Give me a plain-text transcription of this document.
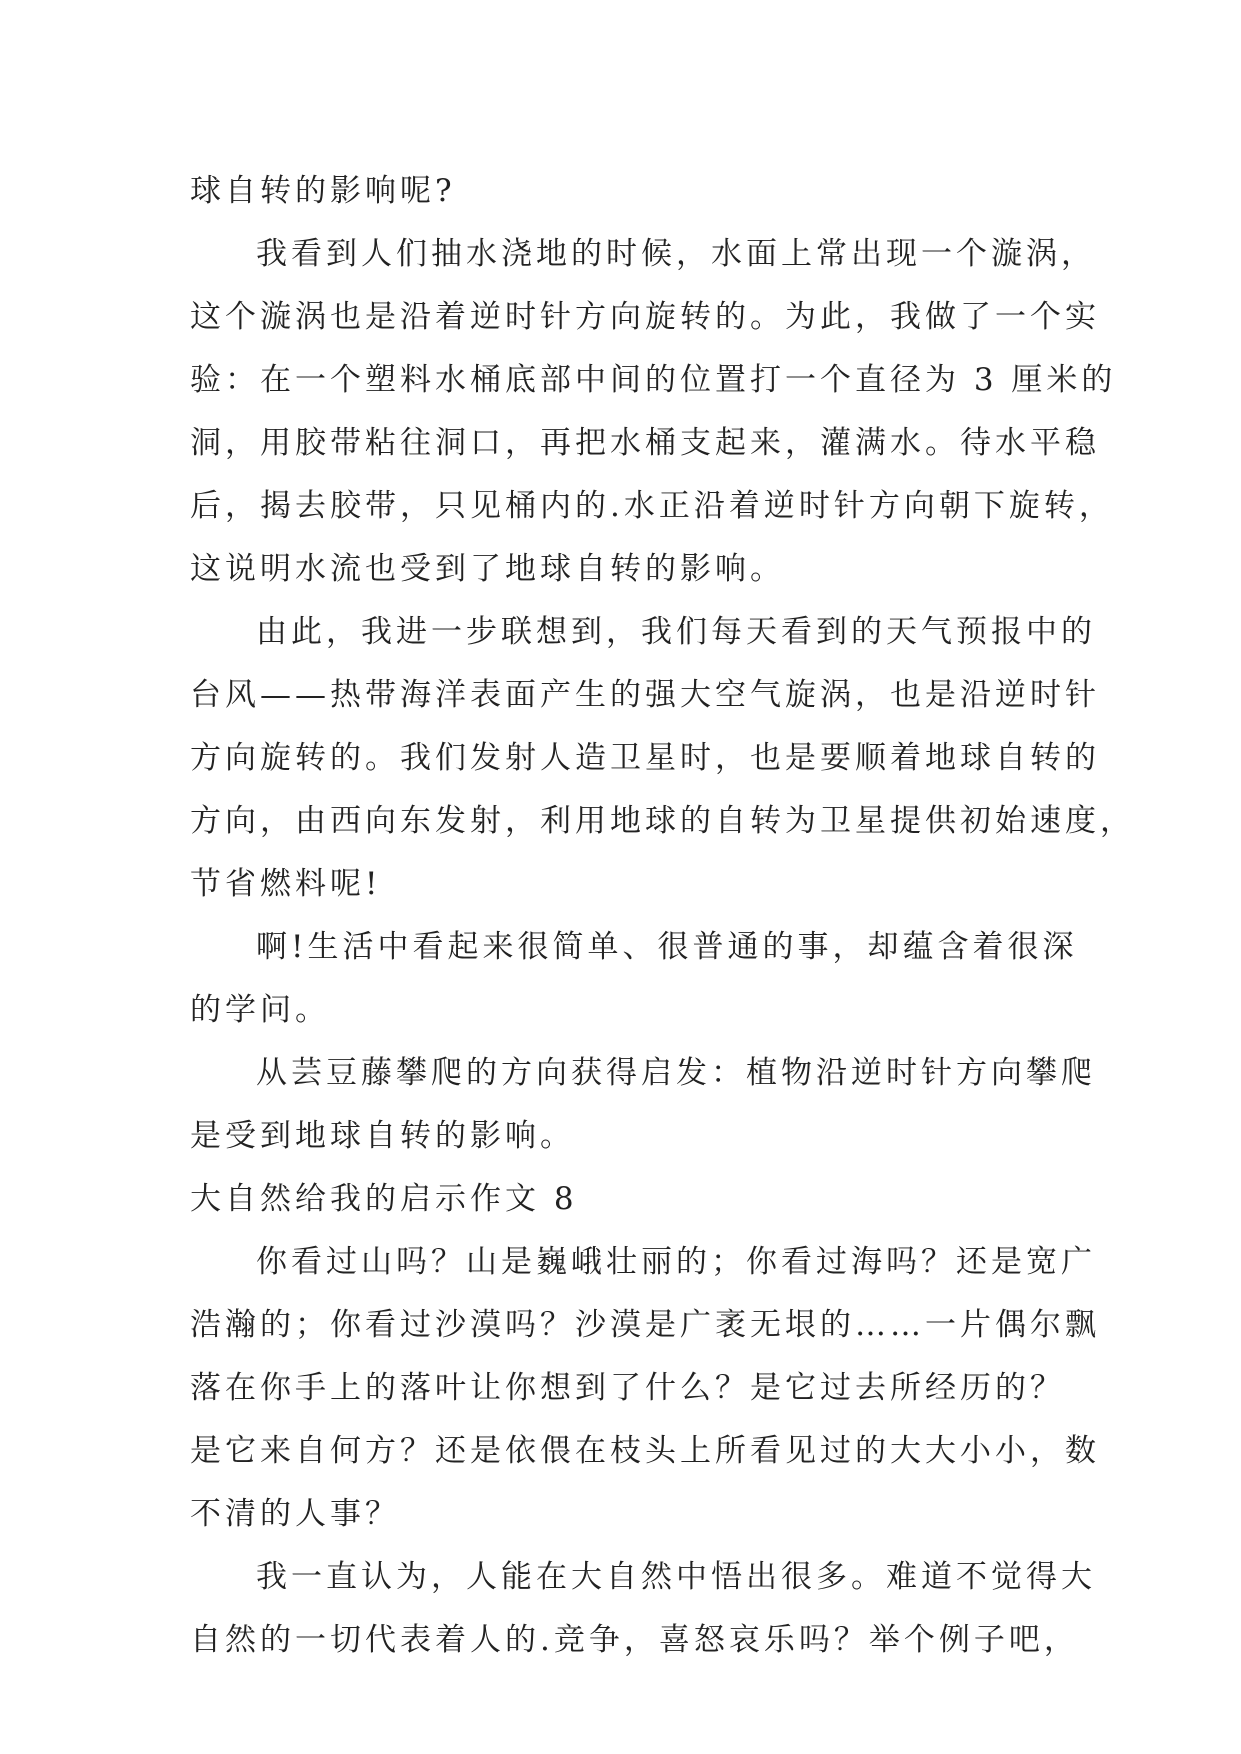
球自转的影响呢?
我看到人们抽水浇地的时候，水面上常出现一个漩涡，
这个漩涡也是沿着逆时针方向旋转的。为此，我做了一个实
验：在一个塑料水桶底部中间的位置打一个直径为 3 厘米的
洞，用胶带粘往洞口，再把水桶支起来，灌满水。待水平稳
后，揭去胶带，只见桶内的.水正沿着逆时针方向朝下旋转，
这说明水流也受到了地球自转的影响。
由此，我进一步联想到，我们每天看到的天气预报中的
台风——热带海洋表面产生的强大空气旋涡，也是沿逆时针
方向旋转的。我们发射人造卫星时，也是要顺着地球自转的
方向，由西向东发射，利用地球的自转为卫星提供初始速度，
节省燃料呢!
啊!生活中看起来很简单、很普通的事，却蕴含着很深
的学问。
从芸豆藤攀爬的方向获得启发：植物沿逆时针方向攀爬
是受到地球自转的影响。
大自然给我的启示作文 8
你看过山吗？山是巍峨壮丽的；你看过海吗？还是宽广
浩瀚的；你看过沙漠吗？沙漠是广袤无垠的……一片偶尔飘
落在你手上的落叶让你想到了什么？是它过去所经历的？
是它来自何方？还是依偎在枝头上所看见过的大大小小，数
不清的人事？
我一直认为，人能在大自然中悟出很多。难道不觉得大
自然的一切代表着人的.竞争，喜怒哀乐吗？举个例子吧，
